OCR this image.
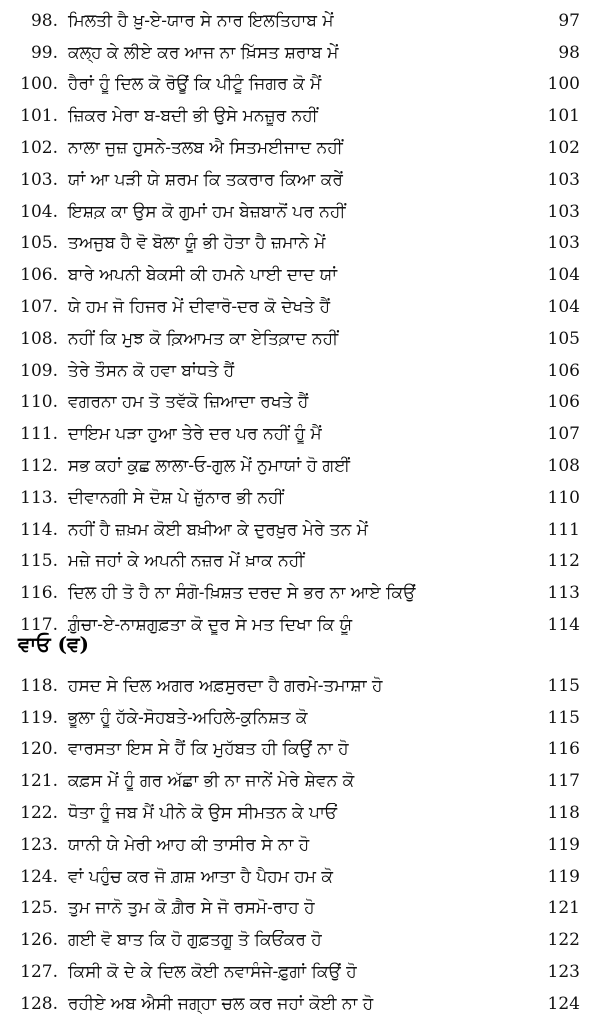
98. ਮਿਲਤੀ ਹੈ ਖ਼ੁ-ਏ-ਯਾਰ ਸੇ ਨਾਰ ਇਲਤਿਹਾਬ ਮੇਂ	97
99. ਕਲ੍ਹ ਕੇ ਲੀਏ ਕਰ ਆਜ ਨਾ ਖ਼ਿੱਸਤ ਸ਼ਰਾਬ ਮੇਂ	98
100. ਹੈਰਾਂ ਹੂੰ ਦਿਲ ਕੋ ਰੋਊਂ ਕਿ ਪੀਟੂੰ ਜਿਗਰ ਕੋ ਮੈਂ	100
101. ਜ਼ਿਕਰ ਮੇਰਾ ਬ-ਬਦੀ ਭੀ ਉਸੇ ਮਨਜ਼ੂਰ ਨਹੀਂ	101
102. ਨਾਲਾ ਜੁਜ਼ ਹੁਸਨੇ-ਤਲਬ ਐ ਸਿਤਮਈਜਾਦ ਨਹੀਂ	102
103. ਯਾਂ ਆ ਪੜੀ ਯੇ ਸ਼ਰਮ ਕਿ ਤਕਰਾਰ ਕਿਆ ਕਰੇਂ	103
104. ਇਸ਼ਕ਼ ਕਾ ਉਸ ਕੋ ਗੁਮਾਂ ਹਮ ਬੇਜ਼ਬਾਨੋਂ ਪਰ ਨਹੀਂ	103
105. ਤਅਜੁਬ ਹੈ ਵੋ ਬੋਲਾ ਯੂੰ ਭੀ ਹੋਤਾ ਹੈ ਜ਼ਮਾਨੇ ਮੇਂ	103
106. ਬਾਰੇ ਅਪਨੀ ਬੇਕਸੀ ਕੀ ਹਮਨੇ ਪਾਈ ਦਾਦ ਯਾਂ	104
107. ਯੇ ਹਮ ਜੋ ਹਿਜਰ ਮੇਂ ਦੀਵਾਰੋ-ਦਰ ਕੋ ਦੇਖਤੇ ਹੈਂ	104
108. ਨਹੀਂ ਕਿ ਮੁਝ ਕੋ ਕ਼ਿਆਮਤ ਕਾ ਏਤਿਕ਼ਾਦ ਨਹੀਂ	105
109. ਤੇਰੇ ਤੌਸਨ ਕੋ ਹਵਾ ਬਾਂਧਤੇ ਹੈਂ	106
110. ਵਗਰਨਾ ਹਮ ਤੋ ਤਵੱਕੋ ਜ਼ਿਆਦਾ ਰਖਤੇ ਹੈਂ	106
111. ਦਾਇਮ ਪੜਾ ਹੁਆ ਤੇਰੇ ਦਰ ਪਰ ਨਹੀਂ ਹੂੰ ਮੈਂ	107
112. ਸਭ ਕਹਾਂ ਕੁਛ ਲਾਲਾ-ਓ-ਗੁਲ ਮੇਂ ਨੁਮਾਯਾਂ ਹੋ ਗਈਂ	108
113. ਦੀਵਾਨਗੀ ਸੇ ਦੋਸ਼ ਪੇ ਜ਼ੁੱਨਾਰ ਭੀ ਨਹੀਂ	110
114. ਨਹੀਂ ਹੈ ਜ਼ਖ਼ਮ ਕੋਈ ਬਖ਼ੀਆ ਕੇ ਦੁਰਖ਼ੁਰ ਮੇਰੇ ਤਨ ਮੇਂ	111
115. ਮਜ਼ੇ ਜਹਾਂ ਕੇ ਅਪਨੀ ਨਜ਼ਰ ਮੇਂ ਖ਼ਾਕ ਨਹੀਂ	112
116. ਦਿਲ ਹੀ ਤੋ ਹੈ ਨਾ ਸੰਗੋ-ਖ਼ਿਸ਼ਤ ਦਰਦ ਸੇ ਭਰ ਨਾ ਆਏ ਕਿਉਂ	113
117. ਗ਼ੁੰਚਾ-ਏ-ਨਾਸ਼ਗੁਫ਼ਤਾ ਕੋ ਦੂਰ ਸੇ ਮਤ ਦਿਖਾ ਕਿ ਯੂੰ	114
ਵਾਓ (ਵ)
118. ਹਸਦ ਸੇ ਦਿਲ ਅਗਰ ਅਫ਼ਸੁਰਦਾ ਹੈ ਗਰਮੇ-ਤਮਾਸ਼ਾ ਹੋ	115
119. ਭੂਲਾ ਹੂੰ ਹੱਕੇ-ਸੋਹਬਤੇ-ਅਹਿਲੇ-ਕੁਨਿਸ਼ਤ ਕੋ	115
120. ਵਾਰਸਤਾ ਇਸ ਸੇ ਹੈਂ ਕਿ ਮੁਹੱਬਤ ਹੀ ਕਿਉਂ ਨਾ ਹੋ	116
121. ਕਫ਼ਸ ਮੇਂ ਹੂੰ ਗਰ ਅੱਛਾ ਭੀ ਨਾ ਜਾਨੇਂ ਮੇਰੇ ਸ਼ੇਵਨ ਕੋ	117
122. ਧੋਤਾ ਹੂੰ ਜਬ ਮੈਂ ਪੀਨੇ ਕੋ ਉਸ ਸੀਮਤਨ ਕੇ ਪਾਓਂ	118
123. ਯਾਨੀ ਯੇ ਮੇਰੀ ਆਹ ਕੀ ਤਾਸੀਰ ਸੇ ਨਾ ਹੋ	119
124. ਵਾਂ ਪਹੁੰਚ ਕਰ ਜੋ ਗ਼ਸ਼ ਆਤਾ ਹੈ ਪੈਹਮ ਹਮ ਕੋ	119
125. ਤੁਮ ਜਾਨੋ ਤੁਮ ਕੋ ਗ਼ੈਰ ਸੇ ਜੋ ਰਸਮੋ-ਰਾਹ ਹੋ	121
126. ਗਈ ਵੋ ਬਾਤ ਕਿ ਹੋ ਗੁਫ਼ਤਗੂ ਤੋ ਕਿਓਂਕਰ ਹੋ	122
127. ਕਿਸੀ ਕੋ ਦੇ ਕੇ ਦਿਲ ਕੋਈ ਨਵਾਸੰਜੇ-ਫ਼ੁਗਾਂ ਕਿਉਂ ਹੋ	123
128. ਰਹੀਏ ਅਬ ਐਸੀ ਜਗ੍ਹਾ ਚਲ ਕਰ ਜਹਾਂ ਕੋਈ ਨਾ ਹੋ	124
